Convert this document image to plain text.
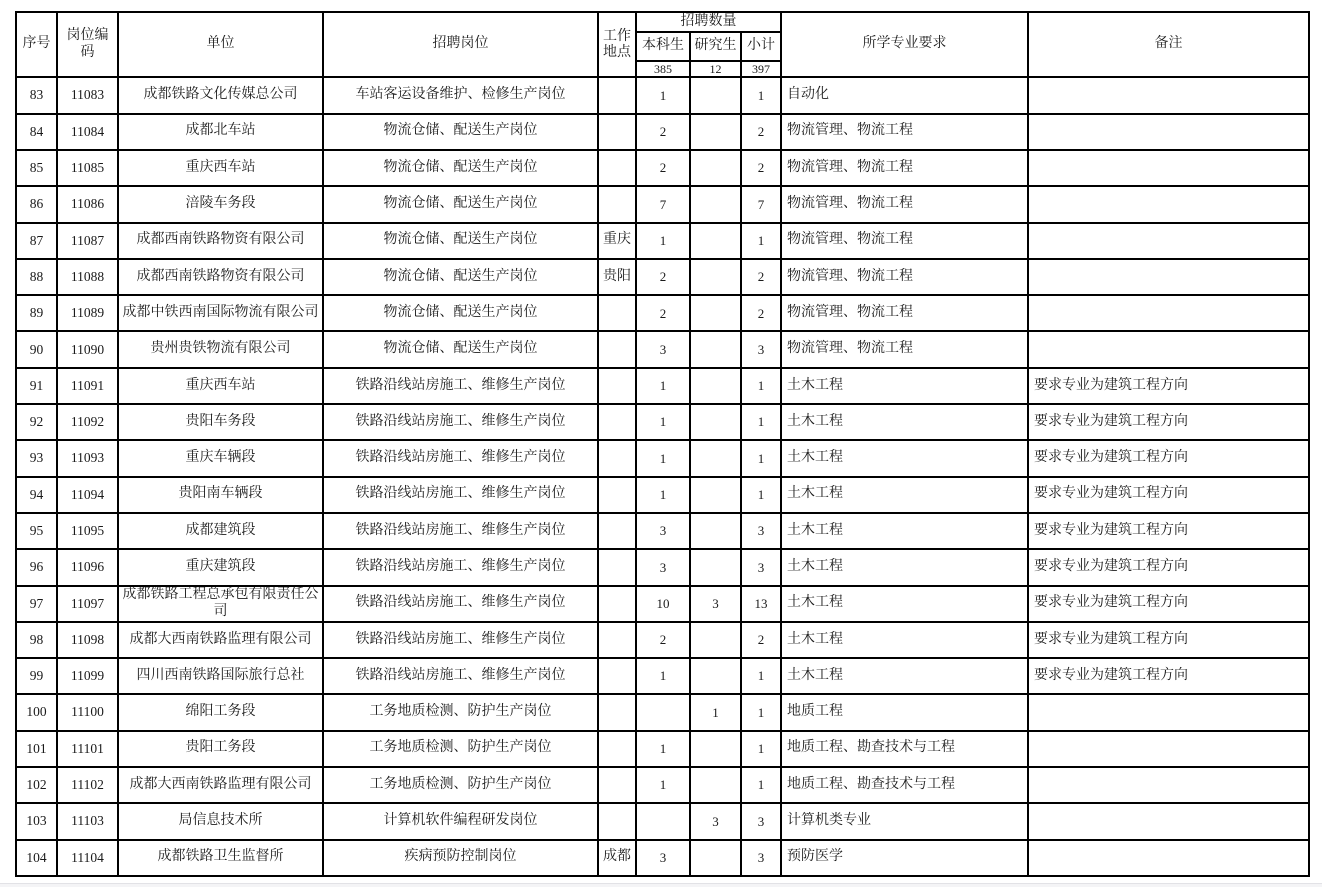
序号	岗位编码	单位	招聘岗位	工作地点	招聘数量			所学专业要求	备注
					本科生	研究生	小计		
					385	12	397		
83	11083	成都铁路文化传媒总公司	车站客运设备维护、检修生产岗位		1		1	自动化	
84	11084	成都北车站	物流仓储、配送生产岗位		2		2	物流管理、物流工程	
85	11085	重庆西车站	物流仓储、配送生产岗位		2		2	物流管理、物流工程	
86	11086	涪陵车务段	物流仓储、配送生产岗位		7		7	物流管理、物流工程	
87	11087	成都西南铁路物资有限公司	物流仓储、配送生产岗位	重庆	1		1	物流管理、物流工程	
88	11088	成都西南铁路物资有限公司	物流仓储、配送生产岗位	贵阳	2		2	物流管理、物流工程	
89	11089	成都中铁西南国际物流有限公司	物流仓储、配送生产岗位		2		2	物流管理、物流工程	
90	11090	贵州贵铁物流有限公司	物流仓储、配送生产岗位		3		3	物流管理、物流工程	
91	11091	重庆西车站	铁路沿线站房施工、维修生产岗位		1		1	土木工程	要求专业为建筑工程方向
92	11092	贵阳车务段	铁路沿线站房施工、维修生产岗位		1		1	土木工程	要求专业为建筑工程方向
93	11093	重庆车辆段	铁路沿线站房施工、维修生产岗位		1		1	土木工程	要求专业为建筑工程方向
94	11094	贵阳南车辆段	铁路沿线站房施工、维修生产岗位		1		1	土木工程	要求专业为建筑工程方向
95	11095	成都建筑段	铁路沿线站房施工、维修生产岗位		3		3	土木工程	要求专业为建筑工程方向
96	11096	重庆建筑段	铁路沿线站房施工、维修生产岗位		3		3	土木工程	要求专业为建筑工程方向
97	11097	成都铁路工程总承包有限责任公司	铁路沿线站房施工、维修生产岗位		10	3	13	土木工程	要求专业为建筑工程方向
98	11098	成都大西南铁路监理有限公司	铁路沿线站房施工、维修生产岗位		2		2	土木工程	要求专业为建筑工程方向
99	11099	四川西南铁路国际旅行总社	铁路沿线站房施工、维修生产岗位		1		1	土木工程	要求专业为建筑工程方向
100	11100	绵阳工务段	工务地质检测、防护生产岗位			1	1	地质工程	
101	11101	贵阳工务段	工务地质检测、防护生产岗位		1		1	地质工程、勘查技术与工程	
102	11102	成都大西南铁路监理有限公司	工务地质检测、防护生产岗位		1		1	地质工程、勘查技术与工程	
103	11103	局信息技术所	计算机软件编程研发岗位			3	3	计算机类专业	
104	11104	成都铁路卫生监督所	疾病预防控制岗位	成都	3		3	预防医学	
